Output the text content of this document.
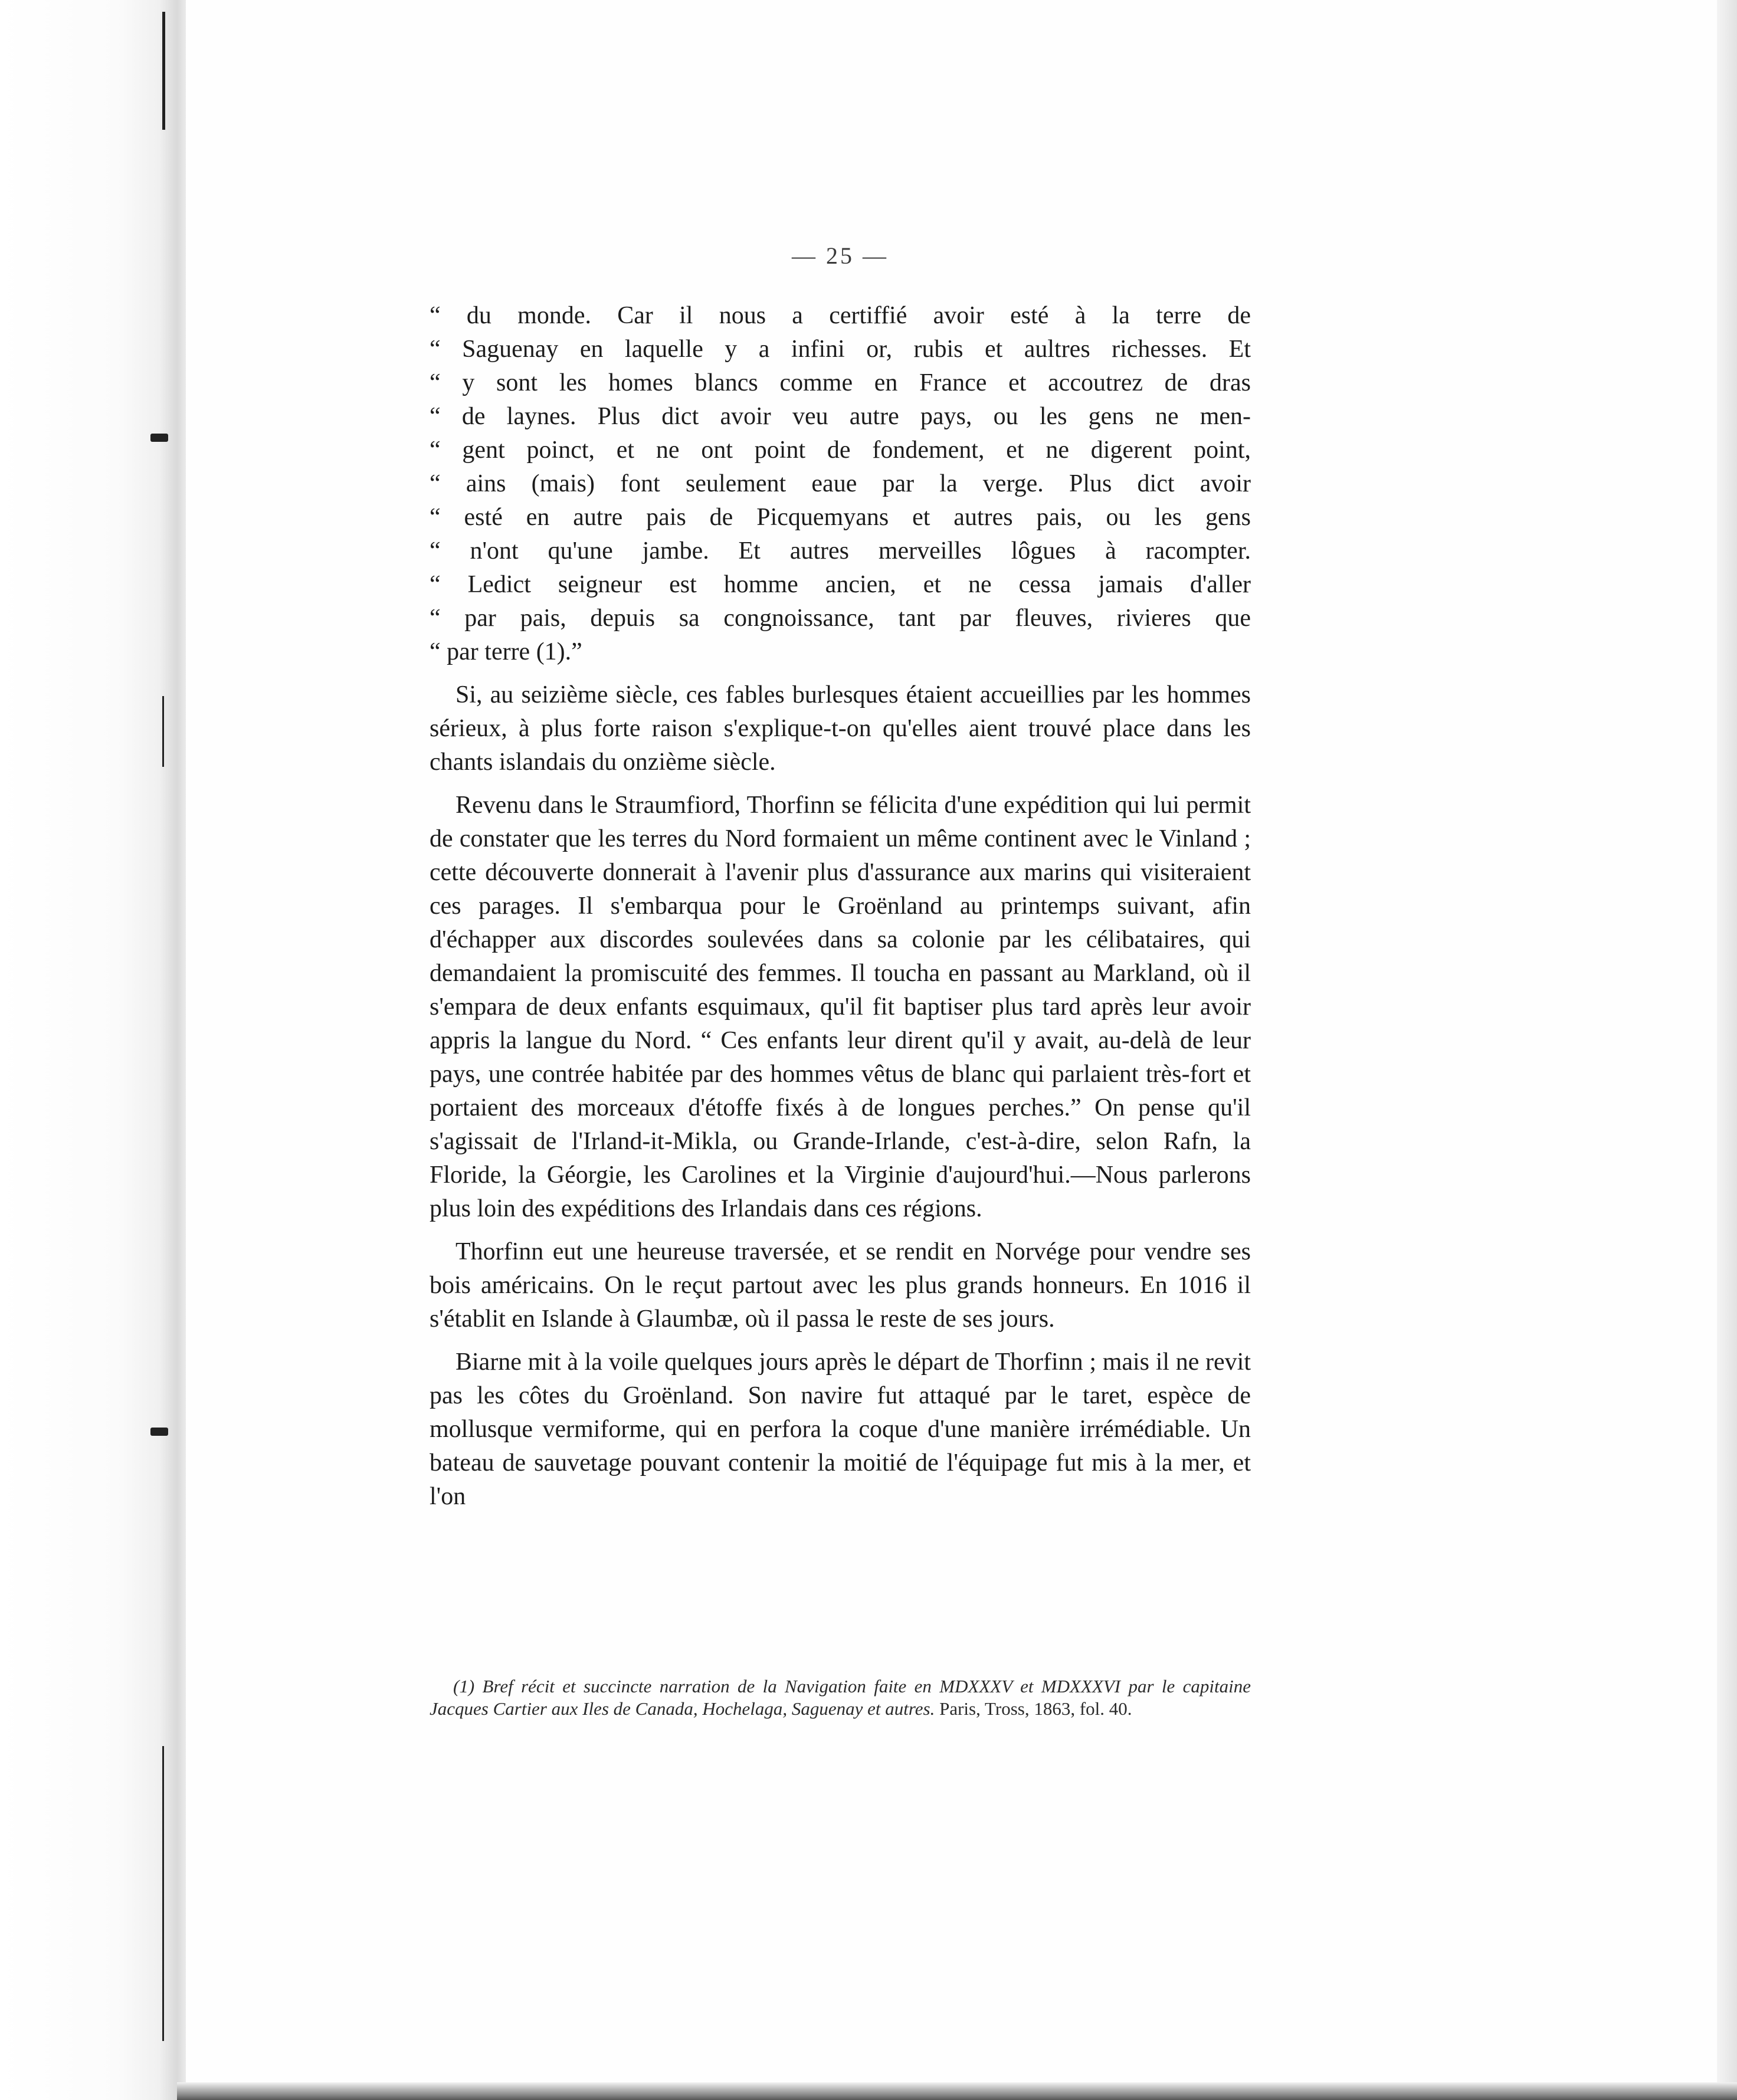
— 25 —
“ du monde. Car il nous a certiffié avoir esté à la terre de
“ Saguenay en laquelle y a infini or, rubis et aultres richesses. Et
“ y sont les homes blancs comme en France et accoutrez de dras
“ de laynes. Plus dict avoir veu autre pays, ou les gens ne men-
“ gent poinct, et ne ont point de fondement, et ne digerent point,
“ ains (mais) font seulement eaue par la verge. Plus dict avoir
“ esté en autre pais de Picquemyans et autres pais, ou les gens
“ n'ont qu'une jambe. Et autres merveilles lôgues à racompter.
“ Ledict seigneur est homme ancien, et ne cessa jamais d'aller
“ par pais, depuis sa congnoissance, tant par fleuves, rivieres que
“ par terre (1).”

Si, au seizième siècle, ces fables burlesques étaient accueillies par les hommes sérieux, à plus forte raison s'explique-t-on qu'elles aient trouvé place dans les chants islandais du onzième siècle.

Revenu dans le Straumfiord, Thorfinn se félicita d'une expédition qui lui permit de constater que les terres du Nord formaient un même continent avec le Vinland ; cette découverte donnerait à l'avenir plus d'assurance aux marins qui visiteraient ces parages. Il s'embarqua pour le Groënland au printemps suivant, afin d'échapper aux discordes soulevées dans sa colonie par les célibataires, qui demandaient la promiscuité des femmes. Il toucha en passant au Markland, où il s'empara de deux enfants esquimaux, qu'il fit baptiser plus tard après leur avoir appris la langue du Nord. “ Ces enfants leur dirent qu'il y avait, au-delà de leur pays, une contrée habitée par des hommes vêtus de blanc qui parlaient très-fort et portaient des morceaux d'étoffe fixés à de longues perches.” On pense qu'il s'agissait de l'Irland-it-Mikla, ou Grande-Irlande, c'est-à-dire, selon Rafn, la Floride, la Géorgie, les Carolines et la Virginie d'aujourd'hui.—Nous parlerons plus loin des expéditions des Irlandais dans ces régions.

Thorfinn eut une heureuse traversée, et se rendit en Norvége pour vendre ses bois américains. On le reçut partout avec les plus grands honneurs. En 1016 il s'établit en Islande à Glaumbæ, où il passa le reste de ses jours.

Biarne mit à la voile quelques jours après le départ de Thorfinn ; mais il ne revit pas les côtes du Groënland. Son navire fut attaqué par le taret, espèce de mollusque vermiforme, qui en perfora la coque d'une manière irrémédiable. Un bateau de sauvetage pouvant contenir la moitié de l'équipage fut mis à la mer, et l'on

(1) Bref récit et succincte narration de la Navigation faite en MDXXXV et MDXXXVI par le capitaine Jacques Cartier aux Iles de Canada, Hochelaga, Saguenay et autres. Paris, Tross, 1863, fol. 40.
